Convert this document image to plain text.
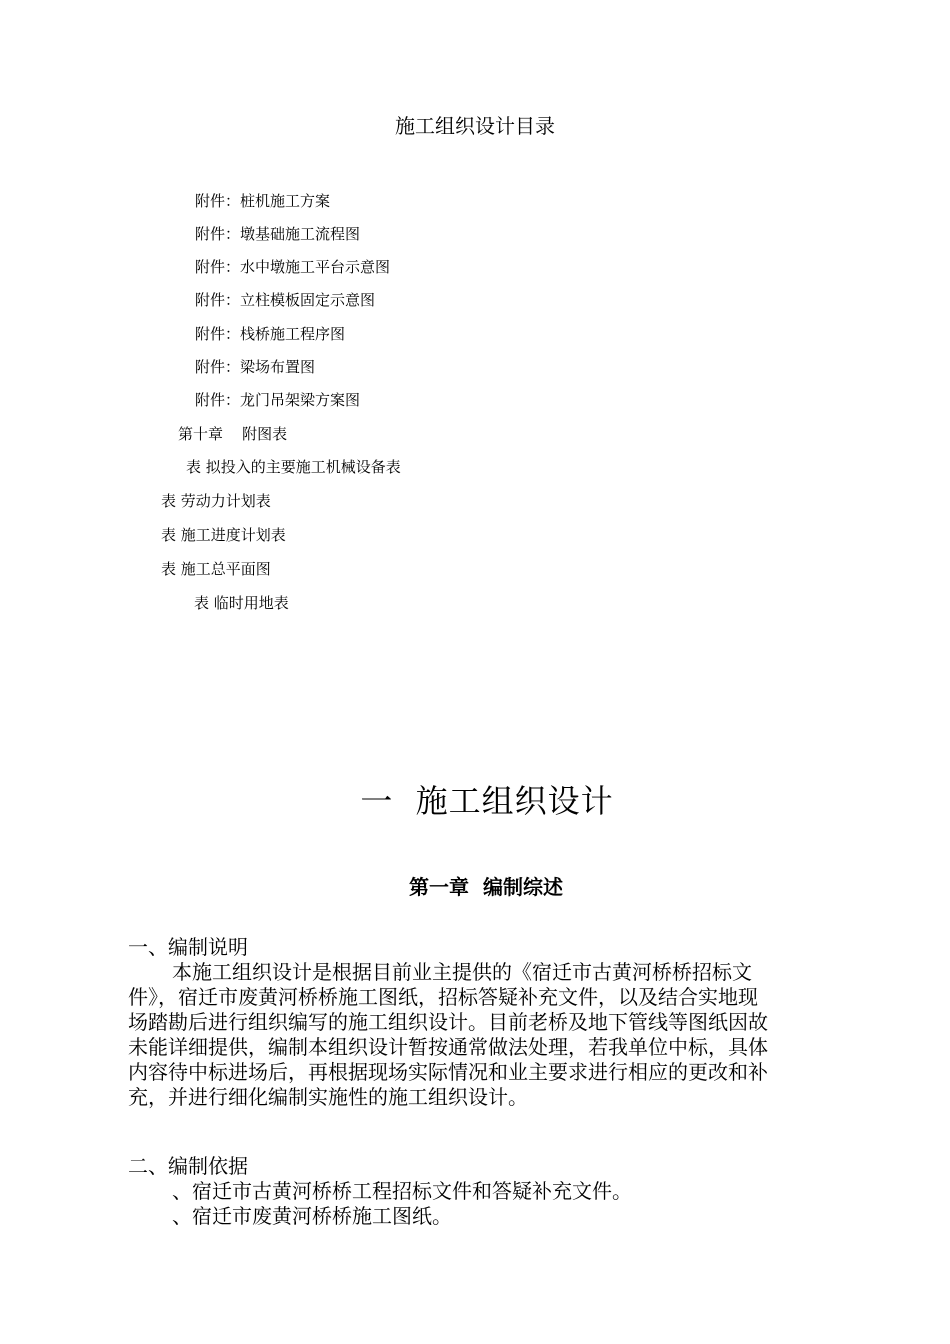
施工组织设计目录
附件：桩机施工方案
附件：墩基础施工流程图
附件：水中墩施工平台示意图
附件：立柱模板固定示意图
附件：栈桥施工程序图
附件：梁场布置图
附件：龙门吊架梁方案图
第十章    附图表
表 拟投入的主要施工机械设备表
表 劳动力计划表
表 施工进度计划表
表 施工总平面图
表 临时用地表
一  施工组织设计
第一章  编制综述
一、编制说明
本施工组织设计是根据目前业主提供的《宿迁市古黄河桥桥招标文
件》，宿迁市废黄河桥桥施工图纸，招标答疑补充文件，以及结合实地现
场踏勘后进行组织编写的施工组织设计。目前老桥及地下管线等图纸因故
未能详细提供，编制本组织设计暂按通常做法处理，若我单位中标，具体
内容待中标进场后，再根据现场实际情况和业主要求进行相应的更改和补
充，并进行细化编制实施性的施工组织设计。
二、编制依据
、宿迁市古黄河桥桥工程招标文件和答疑补充文件。
、宿迁市废黄河桥桥施工图纸。
